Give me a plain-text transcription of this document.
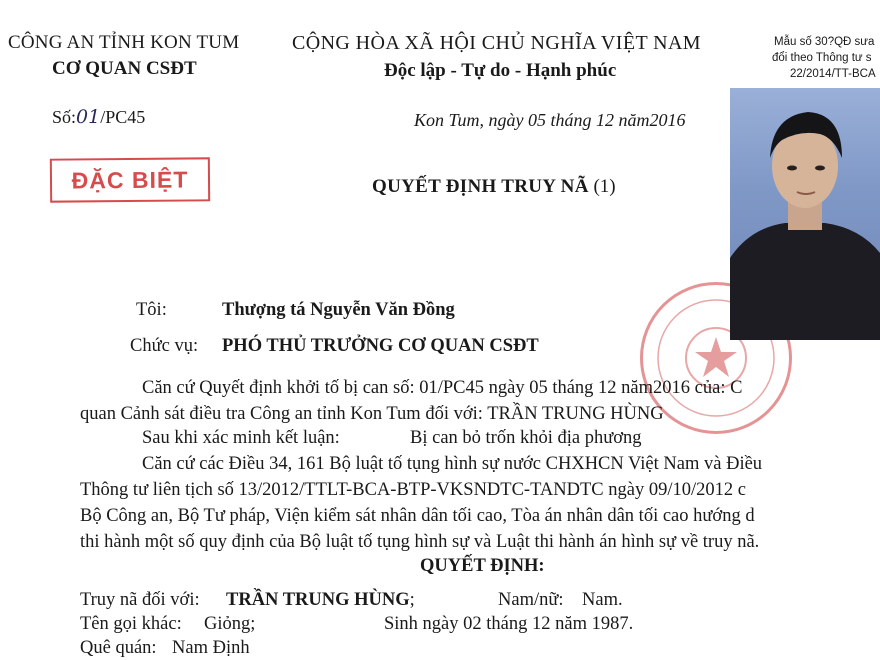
CÔNG AN TỈNH KON TUM
CƠ QUAN CSĐT
CỘNG HÒA XÃ HỘI CHỦ NGHĨA VIỆT NAM
Độc lập - Tự do - Hạnh phúc
Mẫu số 30?QĐ sưa
đổi theo Thông tư s
22/2014/TT-BCA
Số:01/PC45	Kon Tum, ngày 05 tháng 12 năm2016
ĐẶC BIỆT	QUYẾT ĐỊNH TRUY NÃ (1)
Tôi:	Thượng tá Nguyễn Văn Đồng
Chức vụ: PHÓ THỦ TRƯỞNG CƠ QUAN CSĐT
Căn cứ Quyết định khởi tố bị can số: 01/PC45 ngày 05 tháng 12 năm2016 của: C
quan Cảnh sát điều tra Công an tỉnh Kon Tum đối với: TRẦN TRUNG HÙNG
Sau khi xác minh kết luận:	Bị can bỏ trốn khỏi địa phương
Căn cứ các Điều 34, 161 Bộ luật tố tụng hình sự nước CHXHCN Việt Nam và Điều
Thông tư liên tịch số 13/2012/TTLT-BCA-BTP-VKSNDTC-TANDTC ngày 09/10/2012 c
Bộ Công an, Bộ Tư pháp, Viện kiểm sát nhân dân tối cao, Tòa án nhân dân tối cao hướng d
thi hành một số quy định của Bộ luật tố tụng hình sự và Luật thi hành án hình sự về truy nã.
QUYẾT ĐỊNH:
Truy nã đối với: TRẦN TRUNG HÙNG;	Nam/nữ: Nam.
Tên gọi khác: Giỏng;	Sinh ngày 02 tháng 12 năm 1987.
Quê quán: Nam Định
